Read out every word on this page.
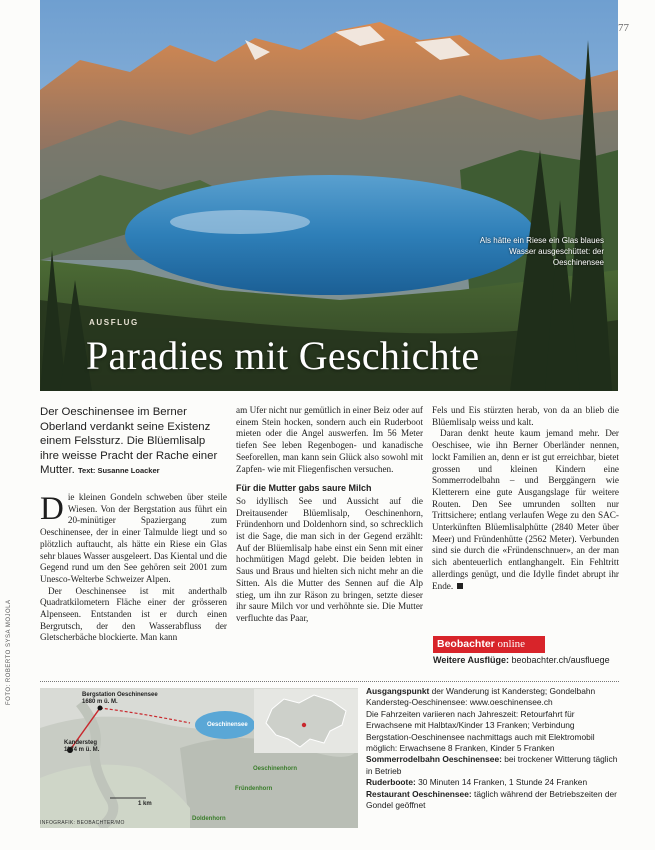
77
Als hätte ein Riese ein Glas blaues Wasser ausgeschüttet: der Oeschinensee
AUSFLUG
Paradies mit Geschichte
FOTO: ROBERTO SYSA MOJOLA
Der Oeschinensee im Berner Oberland verdankt seine Existenz einem Felssturz. Die Blüemlisalp ihre weisse Pracht der Rache einer Mutter. Text: Susanne Loacker

Die kleinen Gondeln schweben über steile Wiesen. Von der Bergstation aus führt ein 20-minütiger Spaziergang zum Oeschinensee, der in einer Talmulde liegt und so plötzlich auftaucht, als hätte ein Riese ein Glas sehr blaues Wasser ausgeleert. Das Kiental und die Gegend rund um den See gehören seit 2001 zum Unesco-Welterbe Schweizer Alpen.

Der Oeschinensee ist mit anderthalb Quadratkilometern Fläche einer der grösseren Alpenseen. Entstanden ist er durch einen Bergrutsch, der den Wasserabfluss der Gletscherbäche blockierte. Man kann

am Ufer nicht nur gemütlich in einer Beiz oder auf einem Stein hocken, sondern auch ein Ruderboot mieten oder die Angel auswerfen. Im 56 Meter tiefen See leben Regenbogen- und kanadische Seeforellen, man kann sein Glück also sowohl mit Zapfen- wie mit Fliegenfischen versuchen.

Für die Mutter gabs saure Milch

So idyllisch See und Aussicht auf die Dreitausender Blüemlisalp, Oeschinenhorn, Fründenhorn und Doldenhorn sind, so schrecklich ist die Sage, die man sich in der Gegend erzählt: Auf der Blüemlisalp habe einst ein Senn mit einer hochmütigen Magd gelebt. Die beiden lebten in Saus und Braus und hielten sich nicht mehr an die Sitten. Als die Mutter des Sennen auf die Alp stieg, um ihn zur Räson zu bringen, setzte dieser ihr saure Milch vor und verhöhnte sie. Die Mutter verfluchte das Paar,

Fels und Eis stürzten herab, von da an blieb die Blüemlisalp weiss und kalt.

Daran denkt heute kaum jemand mehr. Der Oeschisee, wie ihn Berner Oberländer nennen, lockt Familien an, denn er ist gut erreichbar, bietet grossen und kleinen Kindern eine Sommerrodelbahn – und Berggängern wie Kletterern eine gute Ausgangslage für weitere Routen. Den See umrunden sollten nur Trittsichere; entlang verlaufen Wege zu den SAC-Unterkünften Blüemlisalphütte (2840 Meter über Meer) und Fründenhütte (2562 Meter). Verbunden sind sie durch die «Fründenschnuer», an der man sich abenteuerlich entlanghangelt. Ein Fehltritt allerdings genügt, und die Idylle findet abrupt ihr Ende.

Beobachter online
Weitere Ausflüge: beobachter.ch/ausfluege
Bergstation Oeschinensee
1680 m ü. M.
Kandersteg
1174 m ü. M.
Oeschinensee
Oeschinenhorn
Fründenhorn
Doldenhorn
1 km
INFOGRAFIK: BEOBACHTER/MO

Ausgangspunkt der Wanderung ist Kandersteg; Gondelbahn Kandersteg-Oeschinensee: www.oeschinensee.ch

Die Fahrzeiten variieren nach Jahreszeit: Retourfahrt für Erwachsene mit Halbtax/Kinder 13 Franken; Verbindung Bergstation-Oeschinensee nachmittags auch mit Elektromobil möglich: Erwachsene 8 Franken, Kinder 5 Franken

Sommerrodelbahn Oeschinensee: bei trockener Witterung täglich in Betrieb

Ruderboote: 30 Minuten 14 Franken, 1 Stunde 24 Franken

Restaurant Oeschinensee: täglich während der Betriebszeiten der Gondel geöffnet
